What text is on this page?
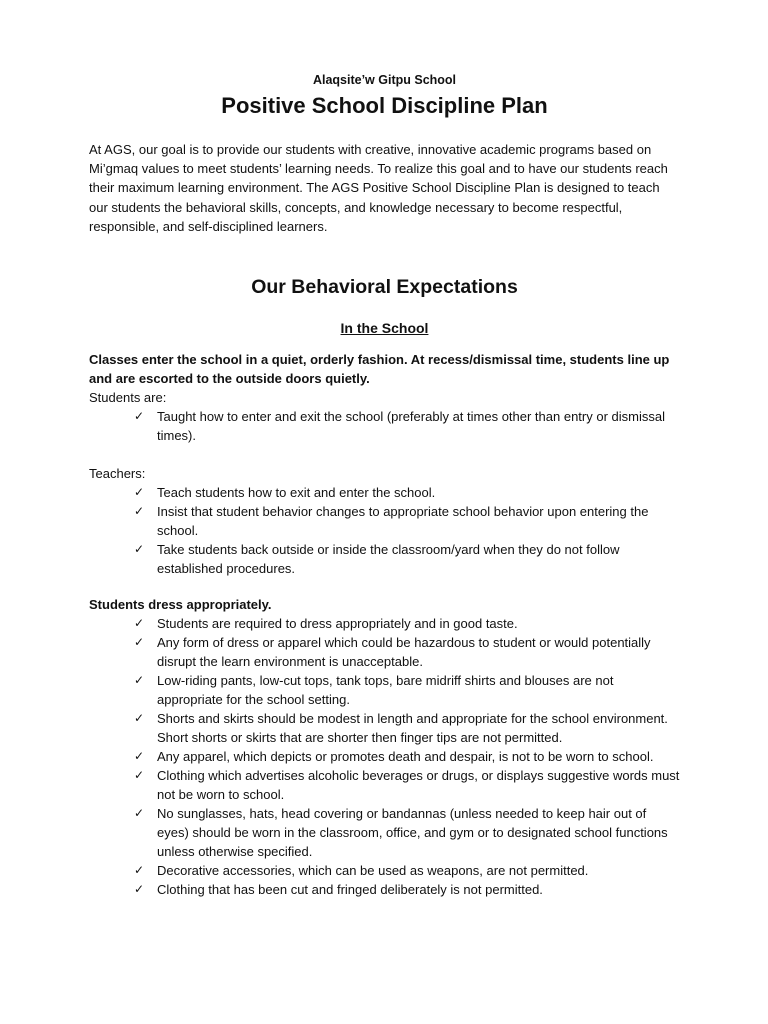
Alaqsite’w Gitpu School

Positive School Discipline Plan

At AGS, our goal is to provide our students with creative, innovative academic programs based on Mi’gmaq values to meet students’ learning needs. To realize this goal and to have our students reach their maximum learning environment. The AGS Positive School Discipline Plan is designed to teach our students the behavioral skills, concepts, and knowledge necessary to become respectful, responsible, and self-disciplined learners.

Our Behavioral Expectations
In the School

Classes enter the school in a quiet, orderly fashion. At recess/dismissal time, students line up and are escorted to the outside doors quietly.

Students are:

✓ Taught how to enter and exit the school (preferably at times other than entry or dismissal times).

Teachers:

✓ Teach students how to exit and enter the school.
✓ Insist that student behavior changes to appropriate school behavior upon entering the school.
✓ Take students back outside or inside the classroom/yard when they do not follow established procedures.

Students dress appropriately.

✓ Students are required to dress appropriately and in good taste.
✓ Any form of dress or apparel which could be hazardous to student or would potentially disrupt the learn environment is unacceptable.
✓ Low-riding pants, low-cut tops, tank tops, bare midriff shirts and blouses are not appropriate for the school setting.
✓ Shorts and skirts should be modest in length and appropriate for the school environment. Short shorts or skirts that are shorter then finger tips are not permitted.
✓ Any apparel, which depicts or promotes death and despair, is not to be worn to school.
✓ Clothing which advertises alcoholic beverages or drugs, or displays suggestive words must not be worn to school.
✓ No sunglasses, hats, head covering or bandannas (unless needed to keep hair out of eyes) should be worn in the classroom, office, and gym or to designated school functions unless otherwise specified.
✓ Decorative accessories, which can be used as weapons, are not permitted.
✓ Clothing that has been cut and fringed deliberately is not permitted.
